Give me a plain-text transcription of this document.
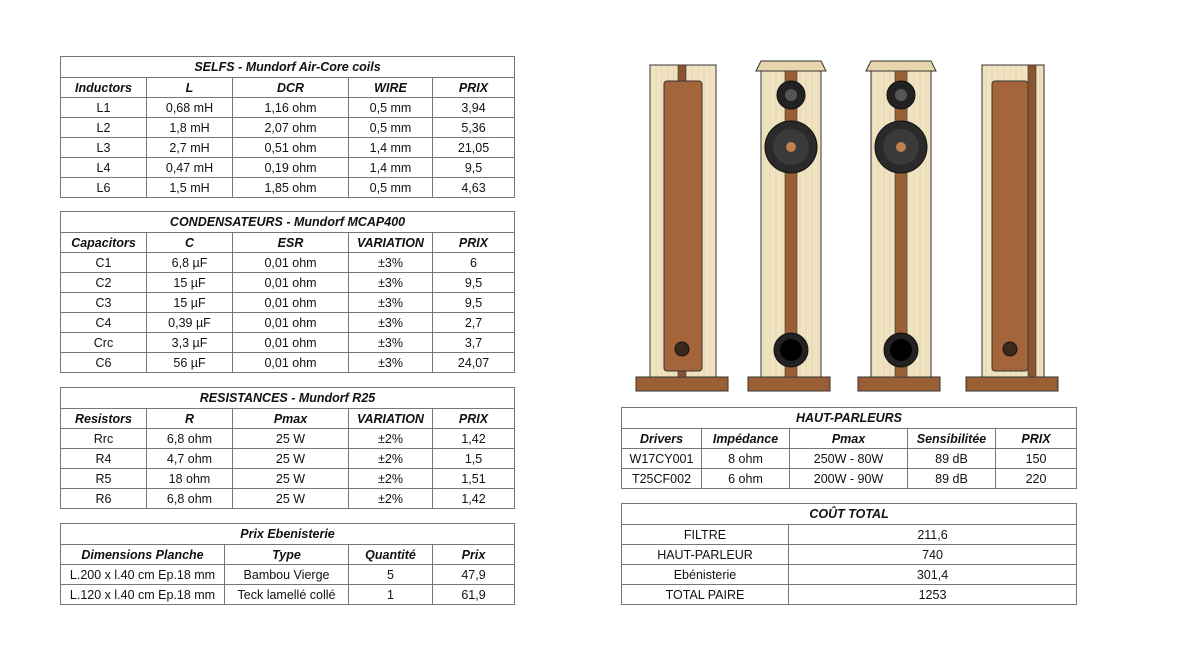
SELFS - Mundorf Air-Core coils				
Inductors	L	DCR	WIRE	PRIX
L1	0,68 mH	1,16 ohm	0,5 mm	3,94
L2	1,8 mH	2,07 ohm	0,5 mm	5,36
L3	2,7 mH	0,51 ohm	1,4 mm	21,05
L4	0,47 mH	0,19 ohm	1,4 mm	9,5
L6	1,5 mH	1,85 ohm	0,5 mm	4,63
CONDENSATEURS - Mundorf MCAP400				
Capacitors	C	ESR	VARIATION	PRIX
C1	6,8 µF	0,01 ohm	±3%	6
C2	15 µF	0,01 ohm	±3%	9,5
C3	15 µF	0,01 ohm	±3%	9,5
C4	0,39 µF	0,01 ohm	±3%	2,7
Crc	3,3 µF	0,01 ohm	±3%	3,7
C6	56 µF	0,01 ohm	±3%	24,07
RESISTANCES - Mundorf R25				
Resistors	R	Pmax	VARIATION	PRIX
Rrc	6,8 ohm	25 W	±2%	1,42
R4	4,7 ohm	25 W	±2%	1,5
R5	18 ohm	25 W	±2%	1,51
R6	6,8 ohm	25 W	±2%	1,42
Prix Ebenisterie			
Dimensions Planche	Type	Quantité	Prix
L.200 x l.40 cm Ep.18 mm	Bambou Vierge	5	47,9
L.120 x l.40 cm Ep.18 mm	Teck lamellé collé	1	61,9
HAUT-PARLEURS				
Drivers	Impédance	Pmax	Sensibilitée	PRIX
W17CY001	8 ohm	250W - 80W	89 dB	150
T25CF002	6 ohm	200W - 90W	89 dB	220
COÛT TOTAL	
FILTRE	211,6
HAUT-PARLEUR	740
Ebénisterie	301,4
TOTAL PAIRE	1253
